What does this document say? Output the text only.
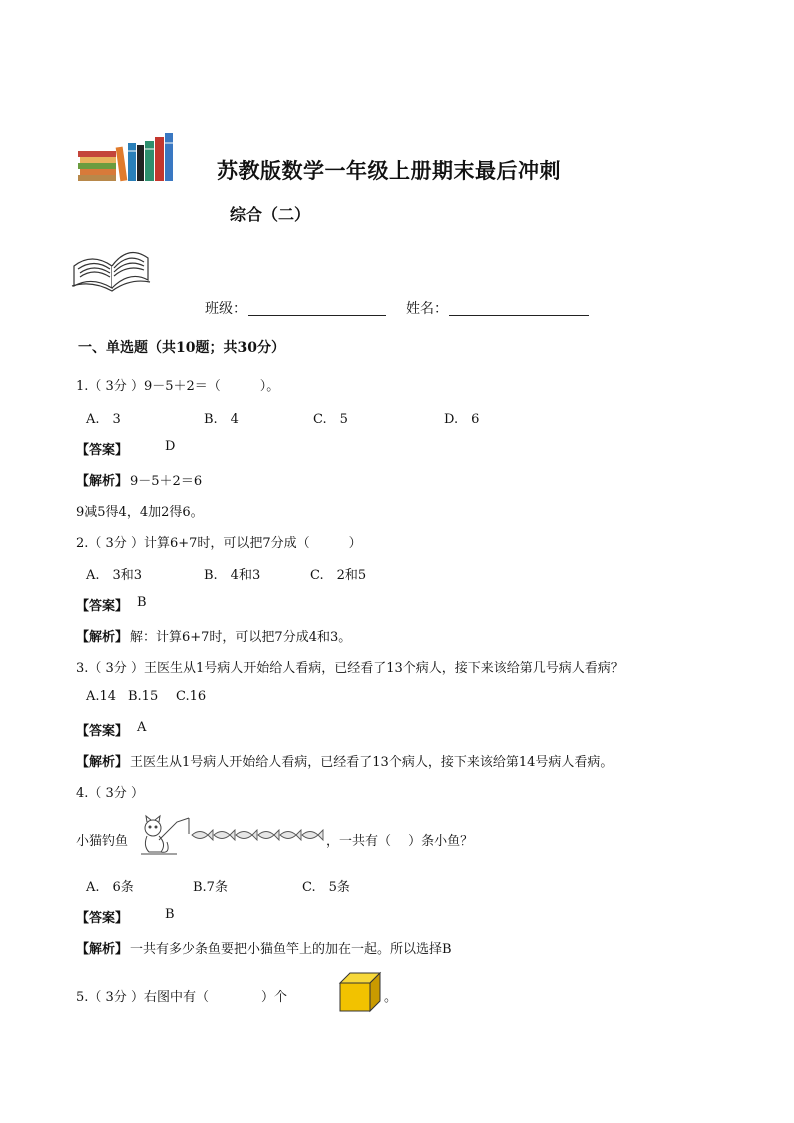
苏教版数学一年级上册期末最后冲刺
综合（二）
班级：	姓名：
一、单选题（共10题；共30分）
1.（ 3分 ）9－5＋2＝（　　　）。
A.　3	B.　4	C.　5	D.　6
【答案】	D
【解析】 9－5＋2＝6
9减5得4，4加2得6。
2.（ 3分 ）计算6+7时，可以把7分成（　　　）
A.　3和3	B.　4和3	C.　2和5
【答案】 B
【解析】 解：计算6+7时，可以把7分成4和3。
3.（ 3分 ）王医生从1号病人开始给人看病，已经看了13个病人，接下来该给第几号病人看病？
A.14 B.15 C.16
【答案】 A
【解析】 王医生从1号病人开始给人看病，已经看了13个病人，接下来该给第14号病人看病。
4.（ 3分 ）
小猫钓鱼	，一共有（　 ）条小鱼？
A.　6条	B.7条	C.　5条
【答案】	B
【解析】 一共有多少条鱼要把小猫鱼竿上的加在一起。所以选择B
5.（ 3分 ）右图中有（　　　　）个	。
